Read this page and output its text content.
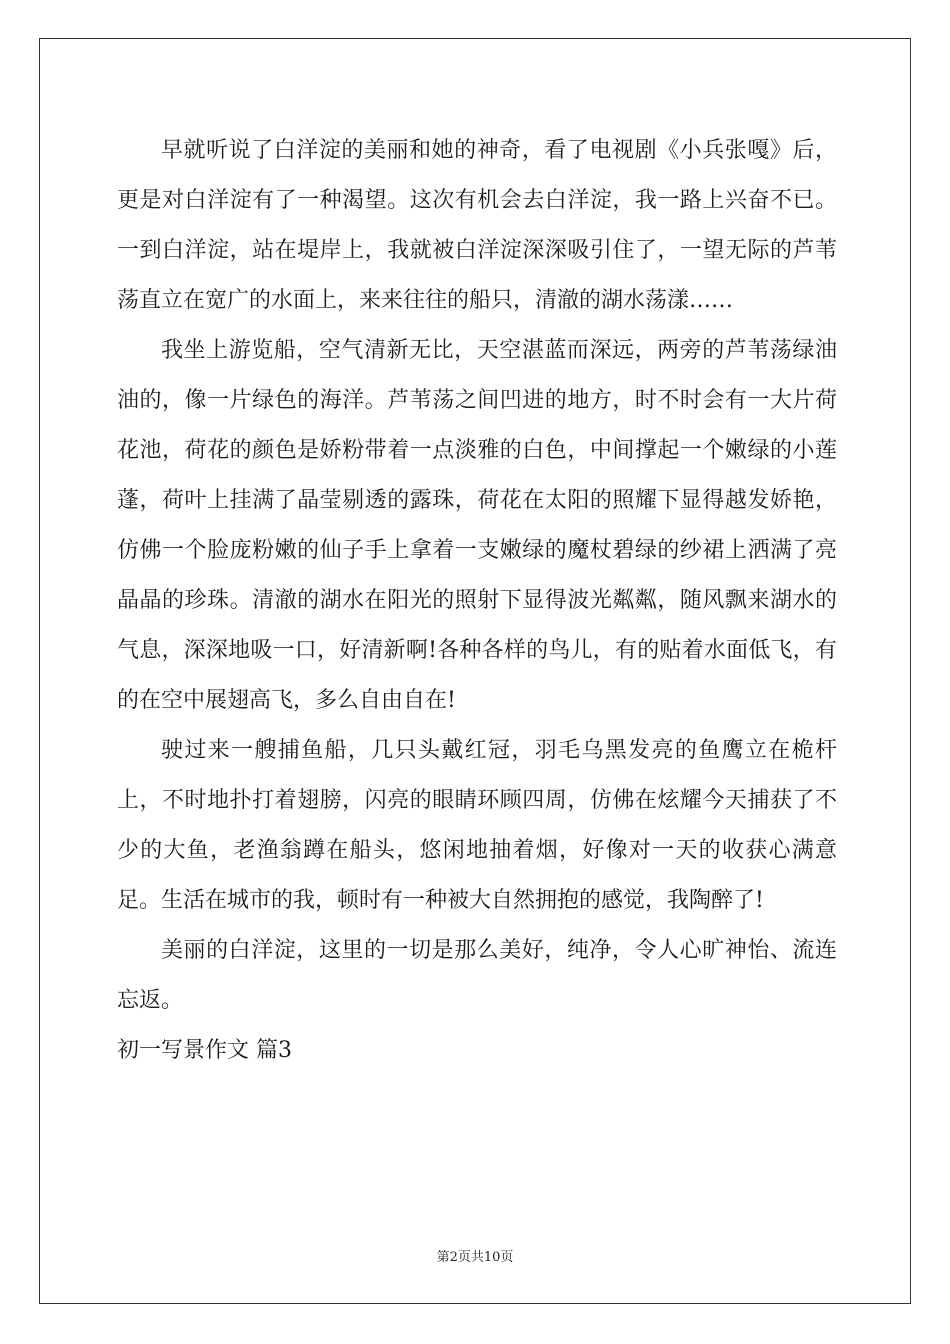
早就听说了白洋淀的美丽和她的神奇，看了电视剧《小兵张嘎》后，更是对白洋淀有了一种渴望。这次有机会去白洋淀，我一路上兴奋不已。一到白洋淀，站在堤岸上，我就被白洋淀深深吸引住了，一望无际的芦苇荡直立在宽广的水面上，来来往往的船只，清澈的湖水荡漾……

我坐上游览船，空气清新无比，天空湛蓝而深远，两旁的芦苇荡绿油油的，像一片绿色的海洋。芦苇荡之间凹进的地方，时不时会有一大片荷花池，荷花的颜色是娇粉带着一点淡雅的白色，中间撑起一个嫩绿的小莲蓬，荷叶上挂满了晶莹剔透的露珠，荷花在太阳的照耀下显得越发娇艳，仿佛一个脸庞粉嫩的仙子手上拿着一支嫩绿的魔杖碧绿的纱裙上洒满了亮晶晶的珍珠。清澈的湖水在阳光的照射下显得波光粼粼，随风飘来湖水的气息，深深地吸一口，好清新啊!各种各样的鸟儿，有的贴着水面低飞，有的在空中展翅高飞，多么自由自在!

驶过来一艘捕鱼船，几只头戴红冠，羽毛乌黑发亮的鱼鹰立在桅杆上，不时地扑打着翅膀，闪亮的眼睛环顾四周，仿佛在炫耀今天捕获了不少的大鱼，老渔翁蹲在船头，悠闲地抽着烟，好像对一天的收获心满意足。生活在城市的我，顿时有一种被大自然拥抱的感觉，我陶醉了!

美丽的白洋淀，这里的一切是那么美好，纯净，令人心旷神怡、流连忘返。

初一写景作文 篇3

第2页共10页
